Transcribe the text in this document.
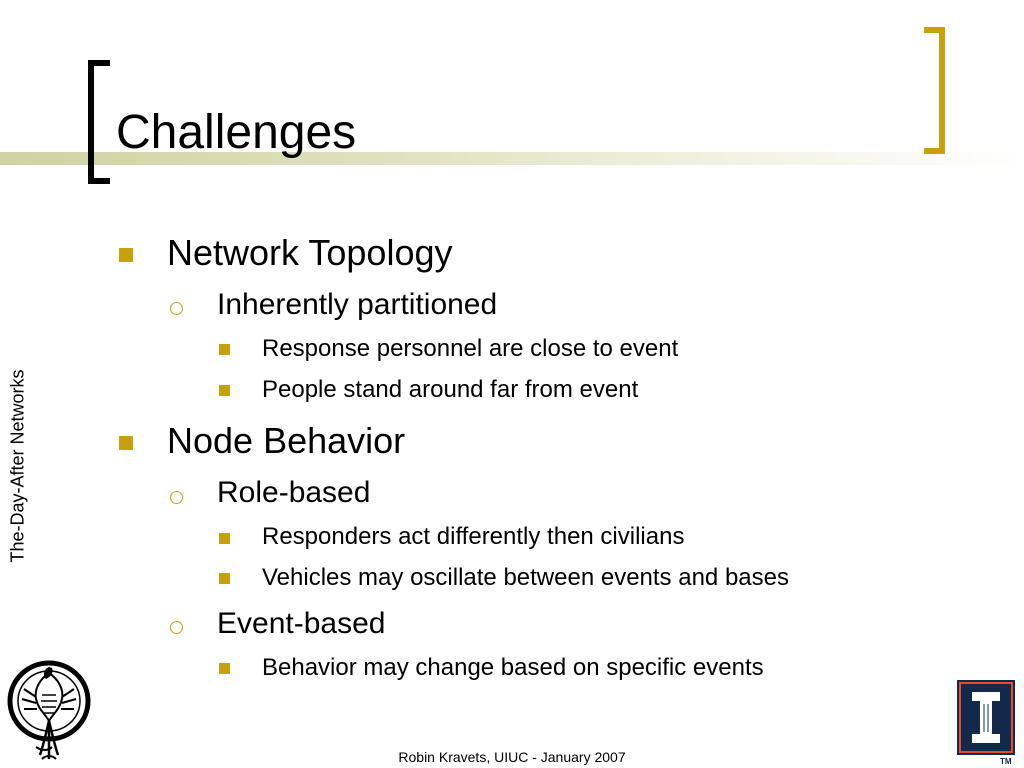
Challenges
The-Day-After Networks
Network Topology
Inherently partitioned
Response personnel are close to event
People stand around far from event
Node Behavior
Role-based
Responders act differently then civilians
Vehicles may oscillate between events and bases
Event-based
Behavior may change based on specific events
TM
Robin Kravets, UIUC - January 2007
